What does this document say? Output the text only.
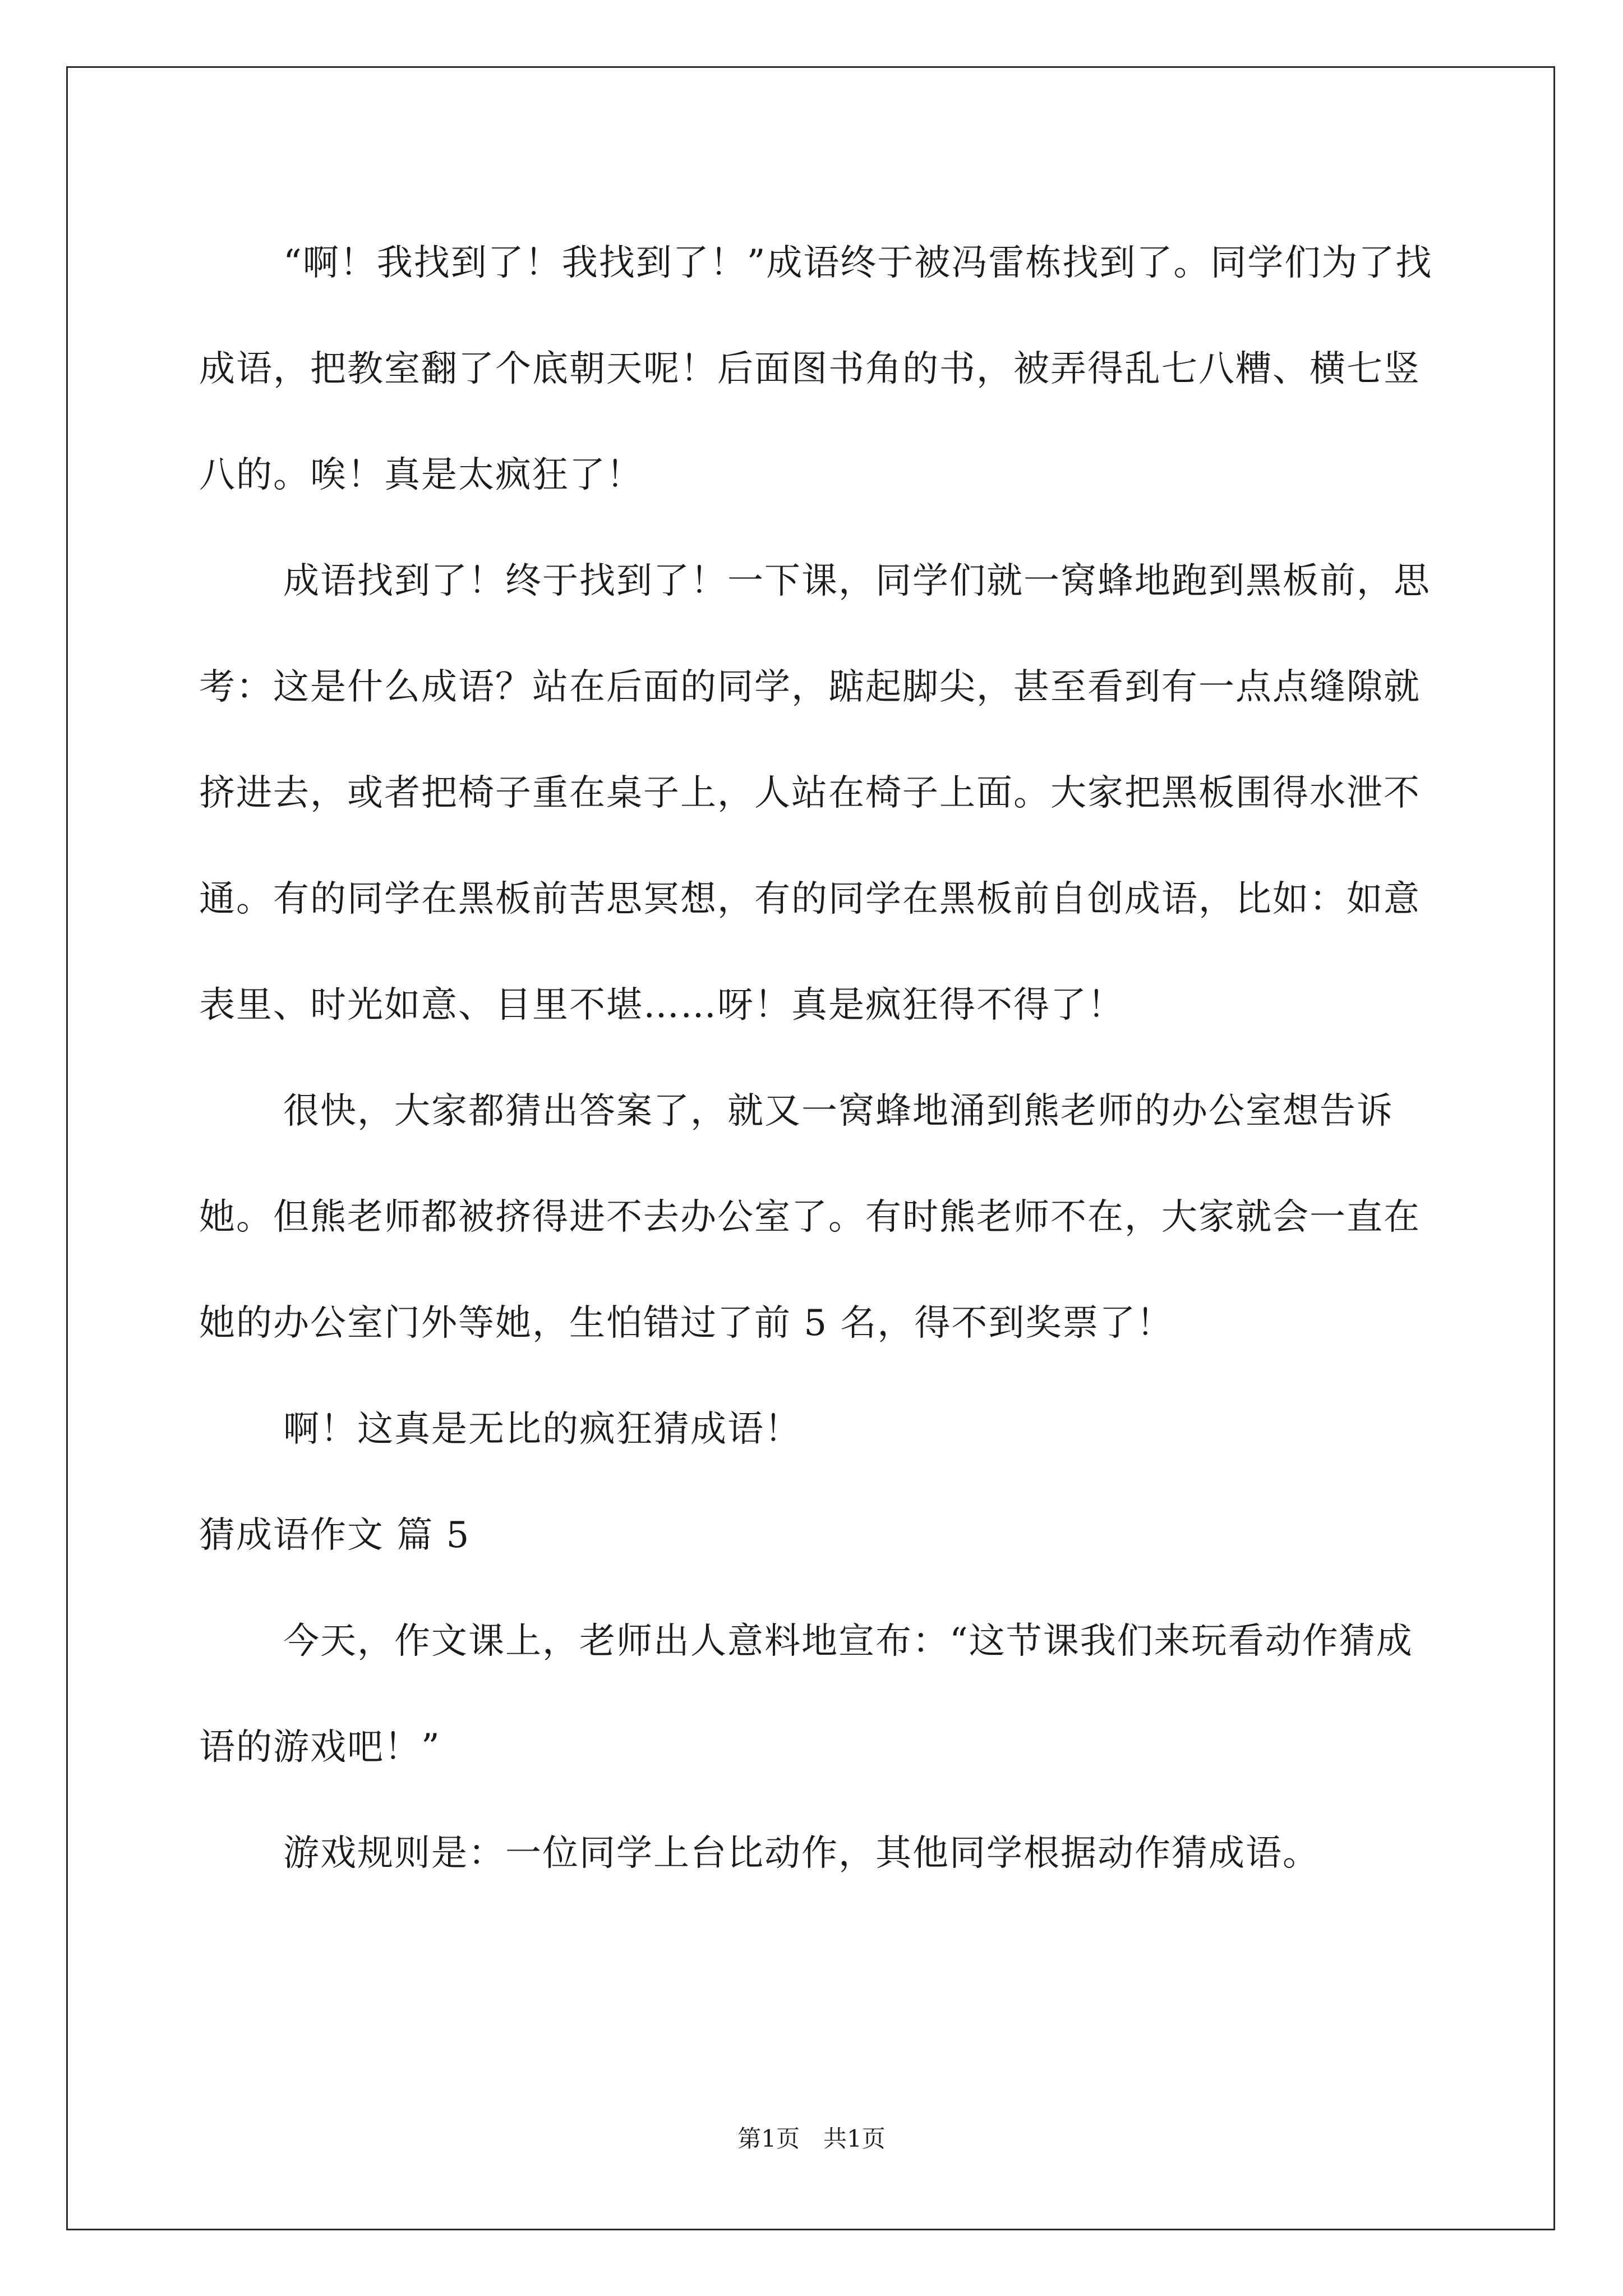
“啊！我找到了！我找到了！”成语终于被冯雷栋找到了。同学们为了找成语，把教室翻了个底朝天呢！后面图书角的书，被弄得乱七八糟、横七竖八的。唉！真是太疯狂了！

成语找到了！终于找到了！一下课，同学们就一窝蜂地跑到黑板前，思考：这是什么成语？站在后面的同学，踮起脚尖，甚至看到有一点点缝隙就挤进去，或者把椅子重在桌子上，人站在椅子上面。大家把黑板围得水泄不通。有的同学在黑板前苦思冥想，有的同学在黑板前自创成语，比如：如意表里、时光如意、目里不堪……呀！真是疯狂得不得了！

很快，大家都猜出答案了，就又一窝蜂地涌到熊老师的办公室想告诉她。但熊老师都被挤得进不去办公室了。有时熊老师不在，大家就会一直在她的办公室门外等她，生怕错过了前 5 名，得不到奖票了！

啊！这真是无比的疯狂猜成语！

猜成语作文 篇 5

今天，作文课上，老师出人意料地宣布：“这节课我们来玩看动作猜成语的游戏吧！”

游戏规则是：一位同学上台比动作，其他同学根据动作猜成语。

第1页　共1页
